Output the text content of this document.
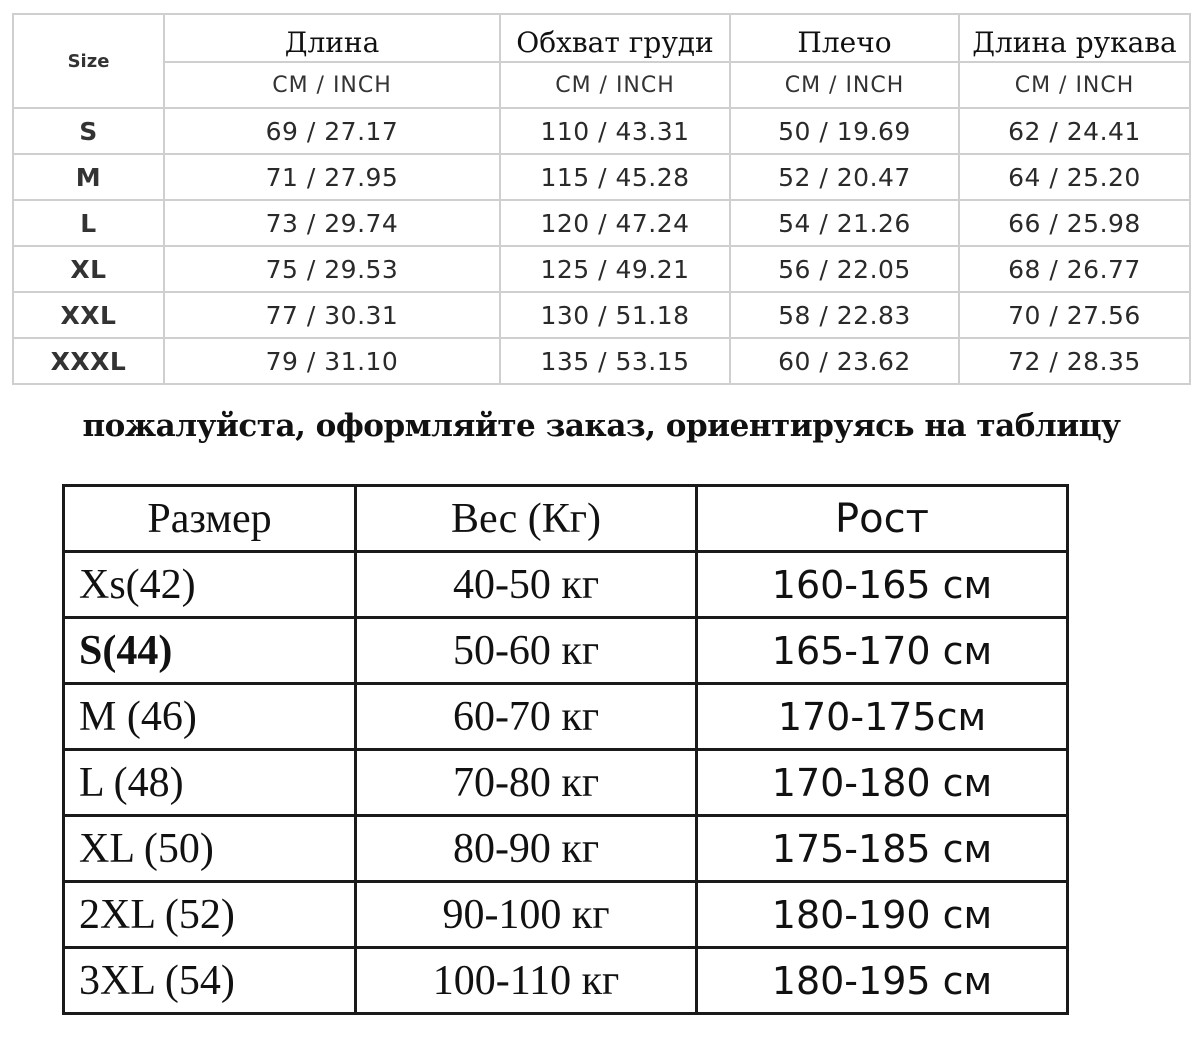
Size	Длина	Обхват груди	Плечо	Длина рукава
	CM / INCH	CM / INCH	CM / INCH	CM / INCH
S	69 / 27.17	110 / 43.31	50 / 19.69	62 / 24.41
M	71 / 27.95	115 / 45.28	52 / 20.47	64 / 25.20
L	73 / 29.74	120 / 47.24	54 / 21.26	66 / 25.98
XL	75 / 29.53	125 / 49.21	56 / 22.05	68 / 26.77
XXL	77 / 30.31	130 / 51.18	58 / 22.83	70 / 27.56
XXXL	79 / 31.10	135 / 53.15	60 / 23.62	72 / 28.35
пожалуйста, оформляйте заказ, ориентируясь на таблицу
Размер	Вес (Кг)	Рост
Xs(42)	40-50 кг	160-165 см
S(44)	50-60 кг	165-170 см
M (46)	60-70 кг	170-175см
L (48)	70-80 кг	170-180 см
XL (50)	80-90 кг	175-185 см
2XL (52)	90-100 кг	180-190 см
3XL (54)	100-110 кг	180-195 см
